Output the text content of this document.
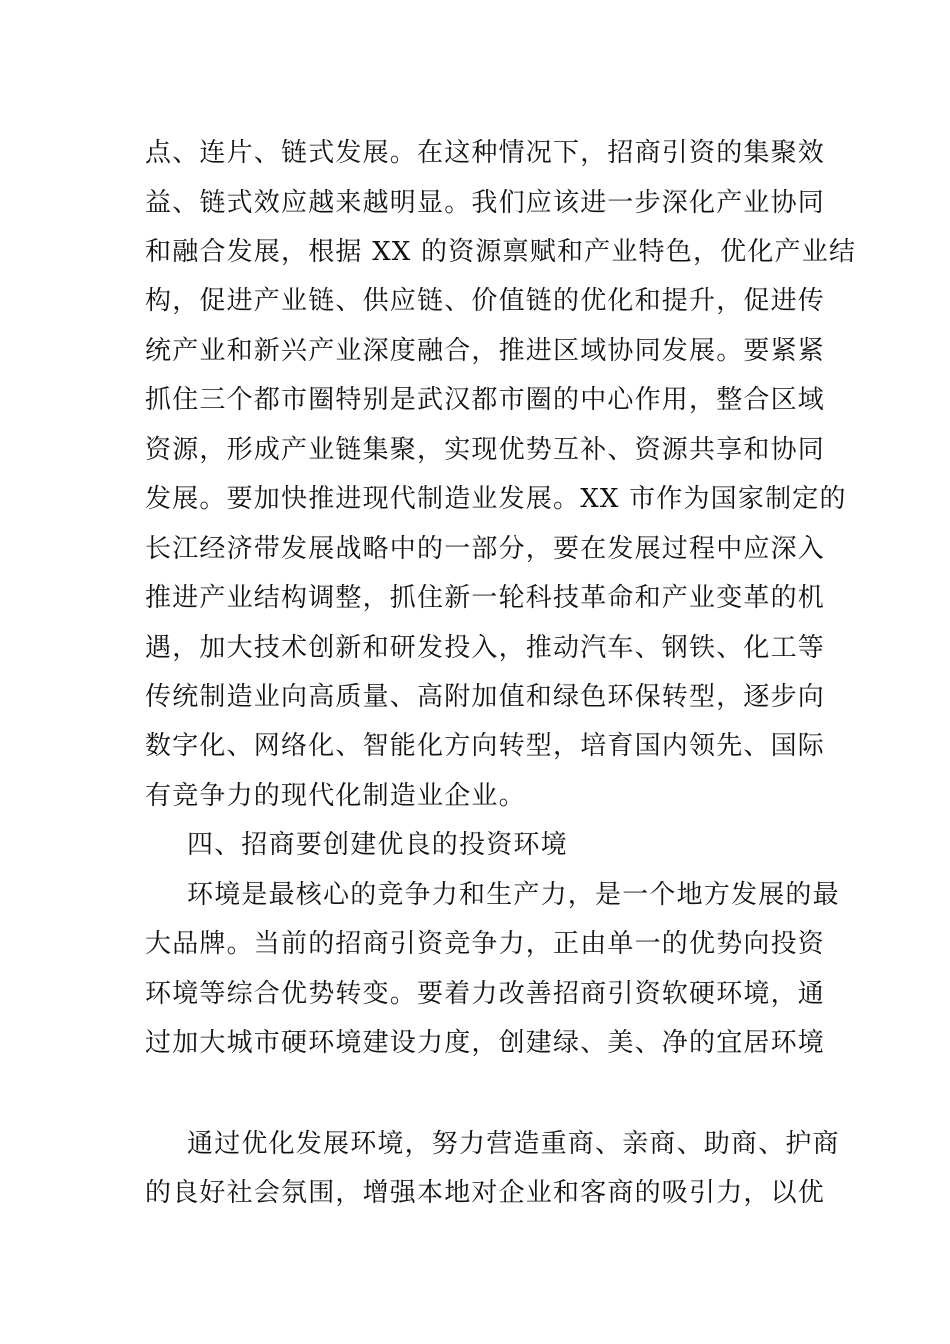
点、连片、链式发展。在这种情况下，招商引资的集聚效
益、链式效应越来越明显。我们应该进一步深化产业协同
和融合发展，根据 XX 的资源禀赋和产业特色，优化产业结
构，促进产业链、供应链、价值链的优化和提升，促进传
统产业和新兴产业深度融合，推进区域协同发展。要紧紧
抓住三个都市圈特别是武汉都市圈的中心作用，整合区域
资源，形成产业链集聚，实现优势互补、资源共享和协同
发展。要加快推进现代制造业发展。XX 市作为国家制定的
长江经济带发展战略中的一部分，要在发展过程中应深入
推进产业结构调整，抓住新一轮科技革命和产业变革的机
遇，加大技术创新和研发投入，推动汽车、钢铁、化工等
传统制造业向高质量、高附加值和绿色环保转型，逐步向
数字化、网络化、智能化方向转型，培育国内领先、国际
有竞争力的现代化制造业企业。
四、招商要创建优良的投资环境
环境是最核心的竞争力和生产力，是一个地方发展的最
大品牌。当前的招商引资竞争力，正由单一的优势向投资
环境等综合优势转变。要着力改善招商引资软硬环境，通
过加大城市硬环境建设力度，创建绿、美、净的宜居环境
通过优化发展环境，努力营造重商、亲商、助商、护商
的良好社会氛围，增强本地对企业和客商的吸引力，以优
